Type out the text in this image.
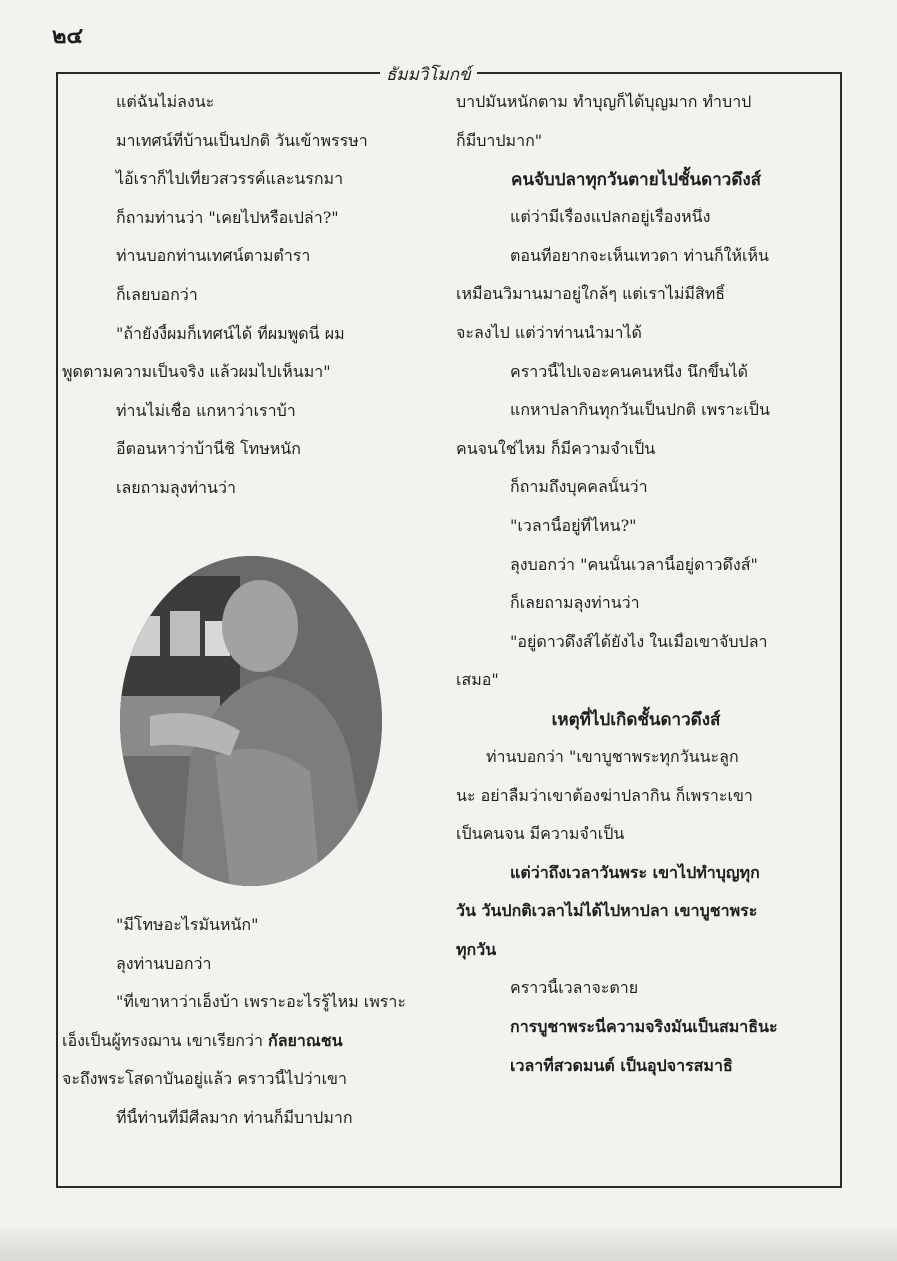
๒๔
ธัมมวิโมกข์
แต่ฉันไม่ลงนะ
มาเทศน์ที่บ้านเป็นปกติ วันเข้าพรรษา
ไอ้เราก็ไปเที่ยวสวรรค์และนรกมา
ก็ถามท่านว่า "เคยไปหรือเปล่า?"
ท่านบอกท่านเทศน์ตามตำรา
ก็เลยบอกว่า
"ถ้ายังงี้ผมก็เทศน์ได้ ที่ผมพูดนี่ ผม
พูดตามความเป็นจริง แล้วผมไปเห็นมา"
ท่านไม่เชื่อ แกหาว่าเราบ้า
อีตอนหาว่าบ้านี่ชิ โทษหนัก
เลยถามลุงท่านว่า
"มีโทษอะไรมันหนัก"
ลุงท่านบอกว่า
"ที่เขาหาว่าเอ็งบ้า เพราะอะไรรู้ไหม เพราะ
เอ็งเป็นผู้ทรงฌาน เขาเรียกว่า กัลยาณชน
จะถึงพระโสดาบันอยู่แล้ว คราวนี้ไปว่าเขา
ที่นี้ท่านที่มีศีลมาก ท่านก็มีบาปมาก
บาปมันหนักตาม ทำบุญก็ได้บุญมาก ทำบาป
ก็มีบาปมาก"
คนจับปลาทุกวันตายไปชั้นดาวดึงส์
แต่ว่ามีเรื่องแปลกอยู่เรื่องหนึ่ง
ตอนที่อยากจะเห็นเทวดา ท่านก็ให้เห็น
เหมือนวิมานมาอยู่ใกล้ๆ แต่เราไม่มีสิทธิ์
จะลงไป แต่ว่าท่านนำมาได้
คราวนี้ไปเจอะคนคนหนึ่ง นึกขึ้นได้
แกหาปลากินทุกวันเป็นปกติ เพราะเป็น
คนจนใช่ไหม ก็มีความจำเป็น
ก็ถามถึงบุคคลนั้นว่า
"เวลานี้อยู่ที่ไหน?"
ลุงบอกว่า "คนนั้นเวลานี้อยู่ดาวดึงส์"
ก็เลยถามลุงท่านว่า
"อยู่ดาวดึงส์ได้ยังไง ในเมื่อเขาจับปลา
เสมอ"
เหตุที่ไปเกิดชั้นดาวดึงส์
ท่านบอกว่า "เขาบูชาพระทุกวันนะลูก
นะ อย่าลืมว่าเขาต้องฆ่าปลากิน ก็เพราะเขา
เป็นคนจน มีความจำเป็น
แต่ว่าถึงเวลาวันพระ เขาไปทำบุญทุก
วัน วันปกติเวลาไม่ได้ไปหาปลา เขาบูชาพระ
ทุกวัน
คราวนี้เวลาจะตาย
การบูชาพระนี่ความจริงมันเป็นสมาธินะ
เวลาที่สวดมนต์ เป็นอุปจารสมาธิ
